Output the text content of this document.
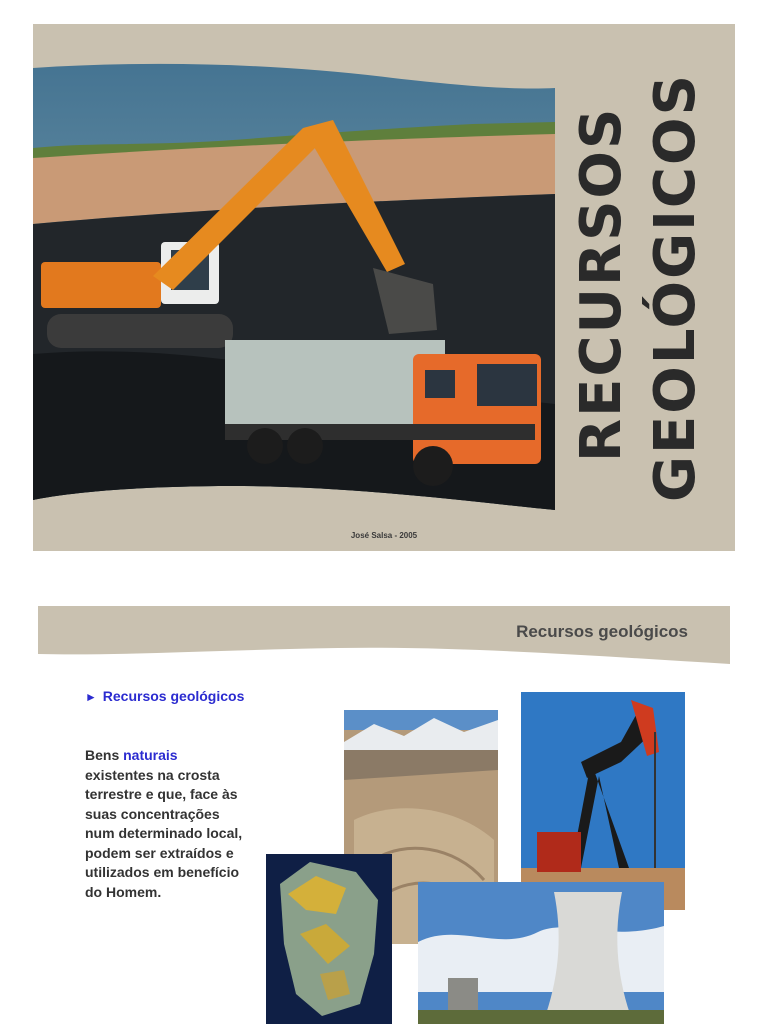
RECURSOS GEOLÓGICOS
José Salsa - 2005
Recursos geológicos
► Recursos geológicos
Bens naturais existentes na crosta terrestre e que, face às suas concentrações num determinado local, podem ser extraídos e utilizados em benefício do Homem.
